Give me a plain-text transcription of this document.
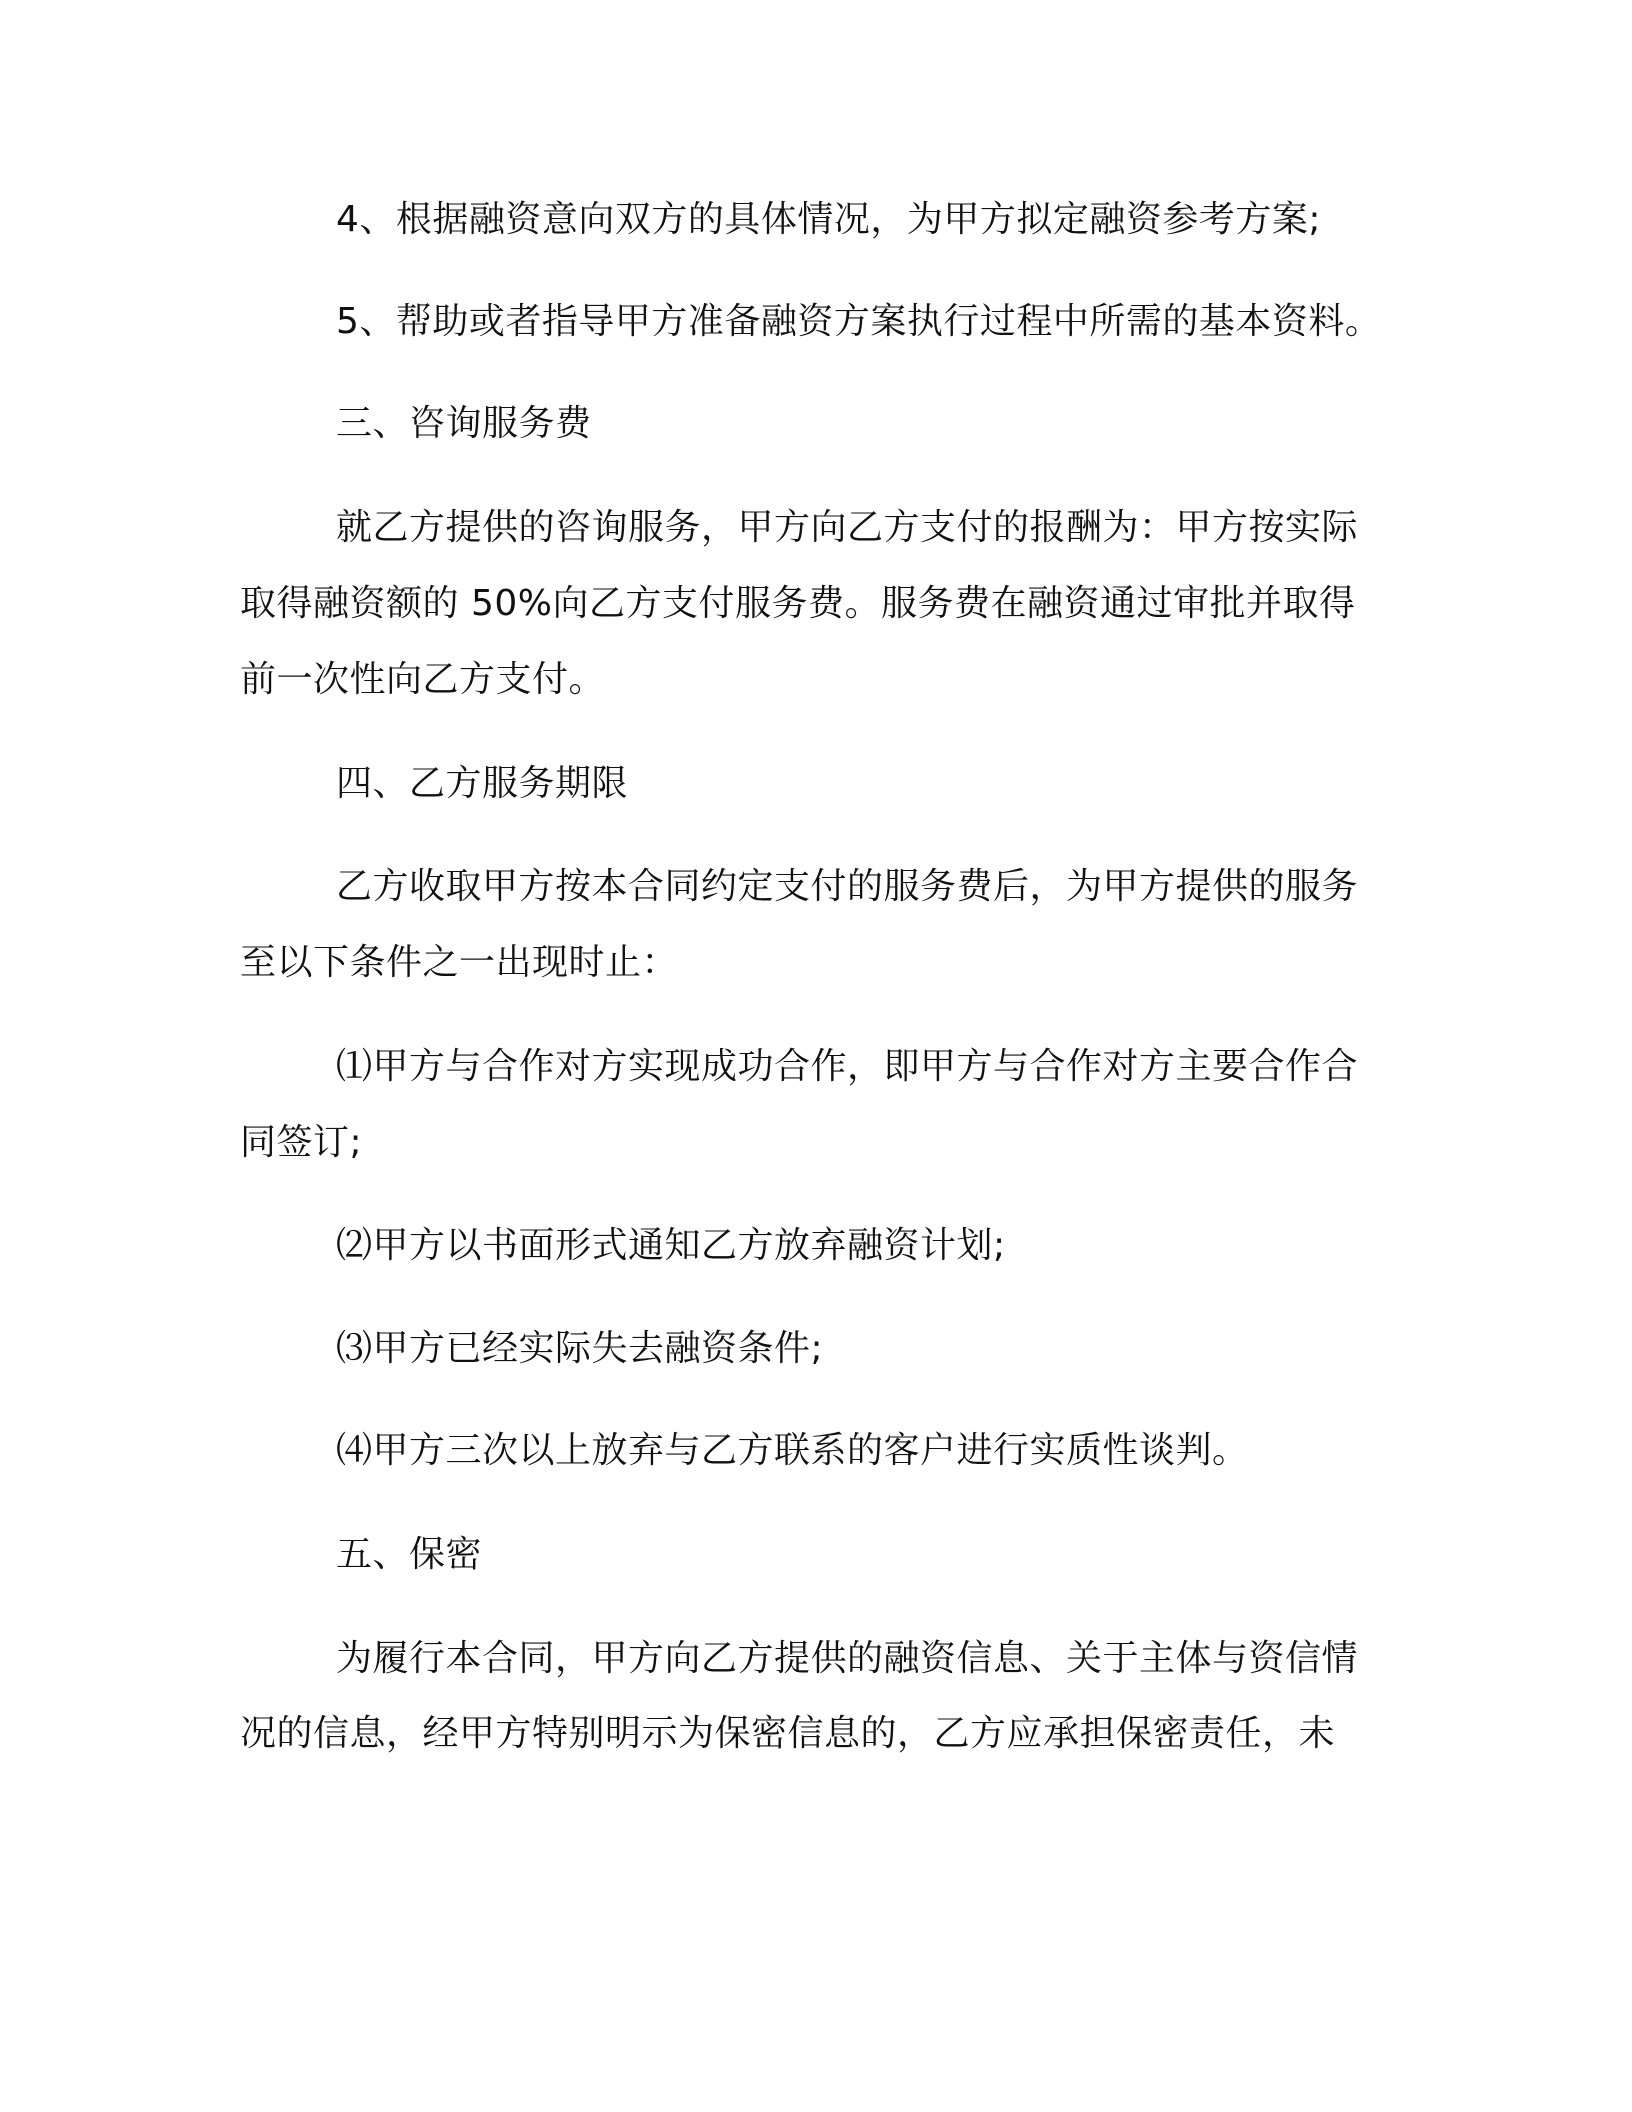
4、根据融资意向双方的具体情况，为甲方拟定融资参考方案;
5、帮助或者指导甲方准备融资方案执行过程中所需的基本资料。
三、咨询服务费
就乙方提供的咨询服务，甲方向乙方支付的报酬为：甲方按实际
取得融资额的 50%向乙方支付服务费。服务费在融资通过审批并取得
前一次性向乙方支付。
四、乙方服务期限
乙方收取甲方按本合同约定支付的服务费后，为甲方提供的服务
至以下条件之一出现时止：
⑴甲方与合作对方实现成功合作，即甲方与合作对方主要合作合
同签订;
⑵甲方以书面形式通知乙方放弃融资计划;
⑶甲方已经实际失去融资条件;
⑷甲方三次以上放弃与乙方联系的客户进行实质性谈判。
五、保密
为履行本合同，甲方向乙方提供的融资信息、关于主体与资信情
况的信息，经甲方特别明示为保密信息的，乙方应承担保密责任，未
